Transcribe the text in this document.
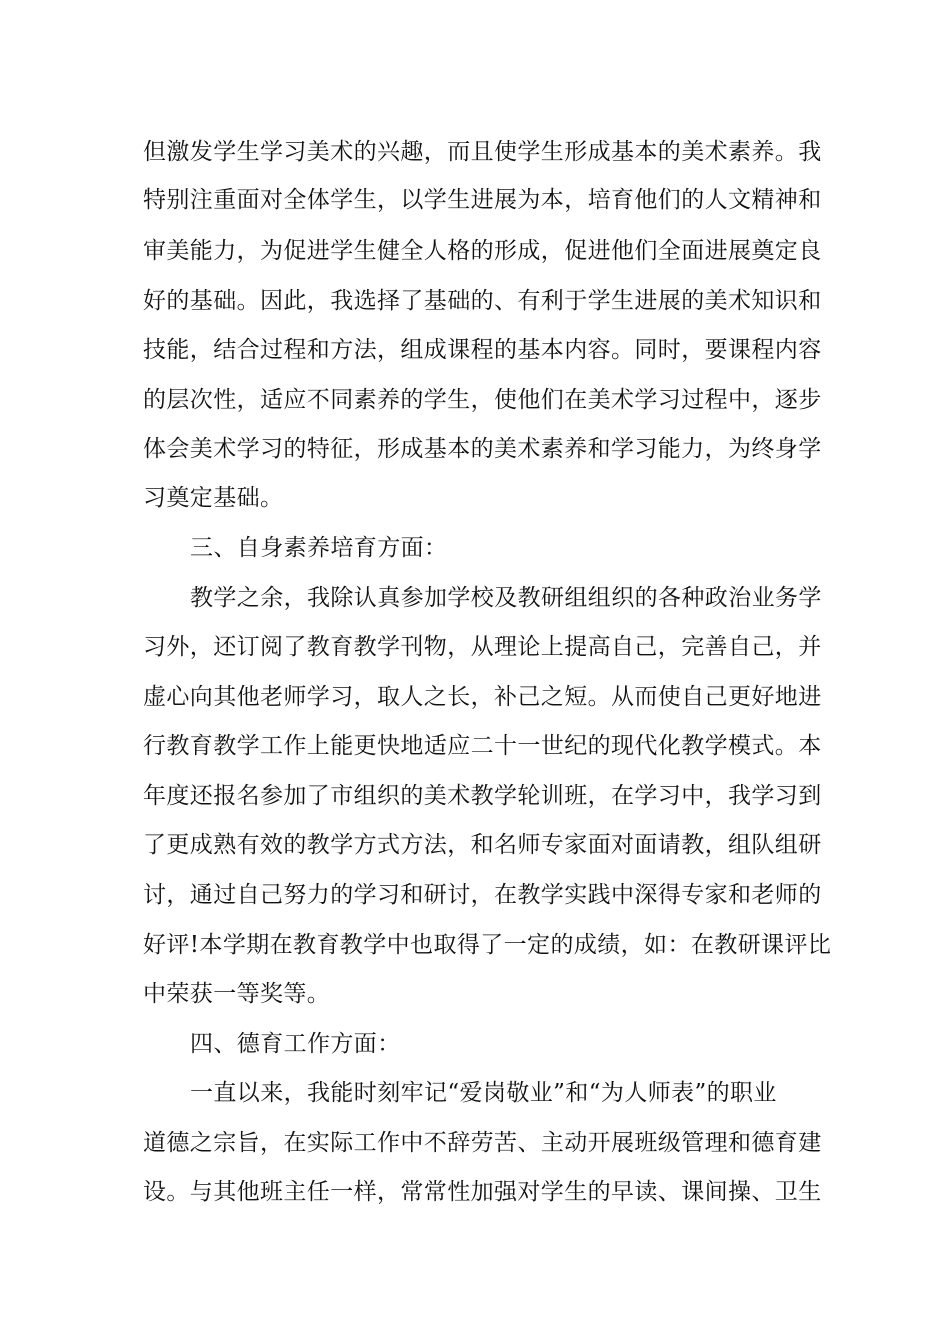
但激发学生学习美术的兴趣，而且使学生形成基本的美术素养。我
特别注重面对全体学生，以学生进展为本，培育他们的人文精神和
审美能力，为促进学生健全人格的形成，促进他们全面进展奠定良
好的基础。因此，我选择了基础的、有利于学生进展的美术知识和
技能，结合过程和方法，组成课程的基本内容。同时，要课程内容
的层次性，适应不同素养的学生，使他们在美术学习过程中，逐步
体会美术学习的特征，形成基本的美术素养和学习能力，为终身学
习奠定基础。
三、自身素养培育方面：
教学之余，我除认真参加学校及教研组组织的各种政治业务学
习外，还订阅了教育教学刊物，从理论上提高自己，完善自己，并
虚心向其他老师学习，取人之长，补己之短。从而使自己更好地进
行教育教学工作上能更快地适应二十一世纪的现代化教学模式。本
年度还报名参加了市组织的美术教学轮训班，在学习中，我学习到
了更成熟有效的教学方式方法，和名师专家面对面请教，组队组研
讨，通过自己努力的学习和研讨，在教学实践中深得专家和老师的
好评!本学期在教育教学中也取得了一定的成绩，如：在教研课评比
中荣获一等奖等。
四、德育工作方面：
一直以来，我能时刻牢记“爱岗敬业”和“为人师表”的职业
道德之宗旨，在实际工作中不辞劳苦、主动开展班级管理和德育建
设。与其他班主任一样，常常性加强对学生的早读、课间操、卫生
